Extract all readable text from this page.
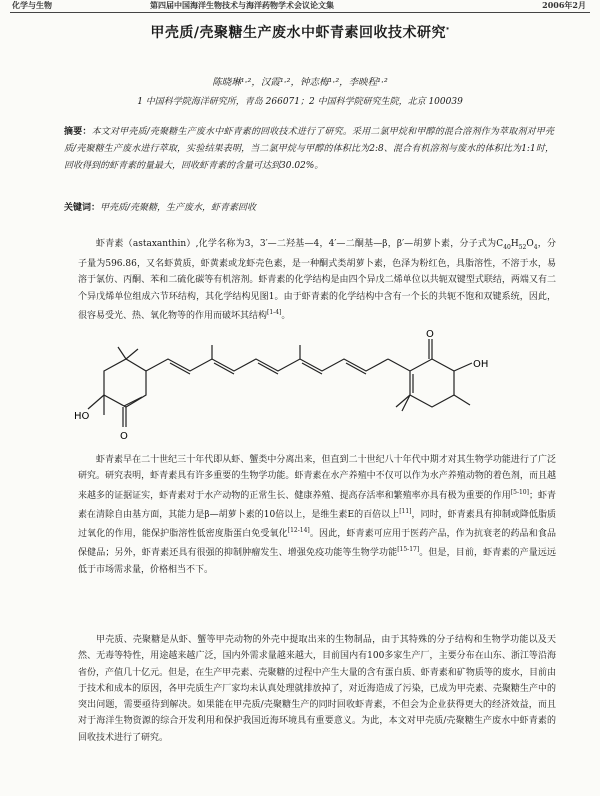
化学与生物	第四届中国海洋生物技术与海洋药物学术会议论文集	2006年2月
甲壳质/壳聚糖生产废水中虾青素回收技术研究*
陈晓琳¹·²，汉霞¹·²，钟志梅¹·²，李映程¹·²
1 中国科学院海洋研究所，青岛 266071；2 中国科学院研究生院，北京 100039
摘要：本文对甲壳质/壳聚糖生产废水中虾青素的回收技术进行了研究。采用二氯甲烷和甲醇的混合溶剂作为萃取剂对甲壳质/壳聚糖生产废水进行萃取，实验结果表明，当二氯甲烷与甲醇的体积比为2:8、混合有机溶剂与废水的体积比为1:1时，回收得到的虾青素的量最大，回收虾青素的含量可达到30.02%。
关键词：甲壳质/壳聚糖，生产废水，虾青素回收
虾青素（astaxanthin）,化学名称为3，3′—二羟基—4，4′—二酮基—β，β′—胡萝卜素，分子式为$C_{40}H_{52}O_4$，分子量为596.86，又名虾黄质，虾黄素或龙虾壳色素，是一种酮式类胡萝卜素，色泽为粉红色，具脂溶性，不溶于水，易溶于氯仿、丙酮、苯和二硫化碳等有机溶剂。虾青素的化学结构是由四个异戊二烯单位以共轭双键型式联结，两端又有二个异戊烯单位组成六节环结构，其化学结构见图1。由于虾青素的化学结构中含有一个长的共轭不饱和双键系统，因此，很容易受光、热、氧化物等的作用而破坏其结构[1-4]。
O
OH
O
HO
虾青素早在二十世纪三十年代即从虾、蟹类中分离出来，但直到二十世纪八十年代中期才对其生物学功能进行了广泛研究。研究表明，虾青素具有许多重要的生物学功能。虾青素在水产养殖中不仅可以作为水产养殖动物的着色剂，而且越来越多的证据证实，虾青素对于水产动物的正常生长、健康养殖、提高存活率和繁殖率亦具有极为重要的作用[5-10]；虾青素在清除自由基方面，其能力是β—胡萝卜素的10倍以上，是维生素E的百倍以上[11]，同时，虾青素具有抑制或降低脂质过氧化的作用，能保护脂溶性低密度脂蛋白免受氧化[12-14]。因此，虾青素可应用于医药产品，作为抗衰老的药品和食品保健品；另外，虾青素还具有很强的抑制肿瘤发生、增强免疫功能等生物学功能[15-17]。但是，目前，虾青素的产量远远低于市场需求量，价格相当不下。
甲壳质、壳聚糖是从虾、蟹等甲壳动物的外壳中提取出来的生物制品，由于其特殊的分子结构和生物学功能以及天然、无毒等特性，用途越来越广泛，国内外需求量越来越大，目前国内有100多家生产厂，主要分布在山东、浙江等沿海省份，产值几十亿元。但是，在生产甲壳素、壳聚糖的过程中产生大量的含有蛋白质、虾青素和矿物质等的废水，目前由于技术和成本的原因，各甲壳质生产厂家均未认真处理就排放掉了，对近海造成了污染，已成为甲壳素、壳聚糖生产中的突出问题，需要亟待到解决。如果能在甲壳质/壳聚糖生产的同时回收虾青素，不但会为企业获得更大的经济效益，而且对于海洋生物资源的综合开发利用和保护我国近海环境具有重要意义。为此，本文对甲壳质/壳聚糖生产废水中虾青素的回收技术进行了研究。
